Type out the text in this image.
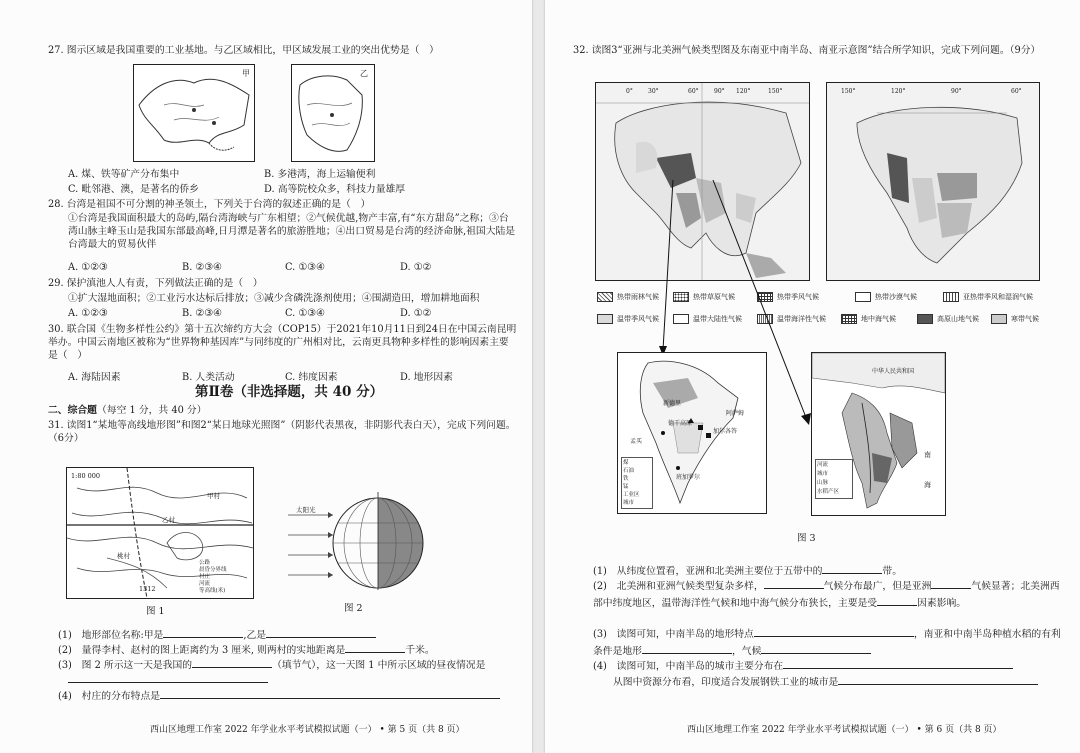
27. 图示区域是我国重要的工业基地。与乙区域相比，甲区域发展工业的突出优势是（　）
甲	乙
A. 煤、铁等矿产分布集中	B. 多港湾，海上运输便利
C. 毗邻港、澳，是著名的侨乡	D. 高等院校众多，科技力量雄厚
28. 台湾是祖国不可分割的神圣领土，下列关于台湾的叙述正确的是（　）
①台湾是我国面积最大的岛屿,隔台湾海峡与广东相望；②气候优越,物产丰富,有“东方甜岛”之称；③台湾山脉主峰玉山是我国东部最高峰,日月潭是著名的旅游胜地；④出口贸易是台湾的经济命脉,祖国大陆是台湾最大的贸易伙伴
A. ①②③	B. ②③④	C. ①③④	D. ①②
29. 保护滇池人人有责，下列做法正确的是（　）
①扩大湿地面积；②工业污水达标后排放；③减少含磷洗涤剂使用；④围湖造田，增加耕地面积
A. ①②③	B. ②③④	C. ①③④	D. ①②
30. 联合国《生物多样性公约》第十五次缔约方大会（COP15）于2021年10月11日到24日在中国云南昆明举办。中国云南地区被称为“世界物种基因库”与同纬度的广州相对比，云南更具物种多样性的影响因素主要是（　）
A. 海陆因素	B. 人类活动	C. 纬度因素	D. 地形因素
第Ⅱ卷（非选择题，共 40 分）
二、综合题（每空 1 分，共 40 分）
31. 读图1“某地等高线地形图”和图2“某日地球光照图”（阴影代表黑夜，非阴影代表白天），完成下列问题。（6分）
1:80 000
甲村
乙村
桃村
1312
公路
晨昏分界线
村庄
河流
等高线(米)
图 1
太阳光
图 2
(1)　地形部位名称:甲是	,乙是
(2)　量得李村、赵村的图上距离约为 3 厘米, 则两村的实地距离是	千米。
(3)　图 2 所示这一天是我国的	（填节气），这一天图 1 中所示区域的昼夜情况是
(4)　村庄的分布特点是
西山区地理工作室 2022 年学业水平考试模拟试题（一） • 第 5 页（共 8 页）
32. 读图3“亚洲与北美洲气候类型图及东南亚中南半岛、南亚示意图”结合所学知识，完成下列问题。（9分）
0°	30°	60°	90° 120°	150°	150°	120°	90°	60°
热带雨林气候	热带草原气候	热带季风气候	热带沙漠气候	亚热带季风和湿润气候
温带季风气候	温带大陆性气候	温带海洋性气候	地中海气候	高原山地气候	寒带气候
新德里
孟买
加尔各答
班加罗尔
阿萨姆
德干高原
煤
石油
铁
锰
工业区
城市
中华人民共和国
南
海
河流
城市
山脉
水稻产区
图 3
(1)　从纬度位置看，亚洲和北美洲主要位于五带中的	带。
(2)　北美洲和亚洲气候类型复杂多样，	气候分布最广，但是亚洲	气候显著；北美洲西部中纬度地区，温带海洋性气候和地中海气候分布狭长，主要是受	因素影响。
(3)　读图可知，中南半岛的地形特点	，南亚和中南半岛种植水稻的有利条件是地形	，气候
(4)　读图可知，中南半岛的城市主要分布在
从图中资源分布看，印度适合发展钢铁工业的城市是
西山区地理工作室 2022 年学业水平考试模拟试题（一） • 第 6 页（共 8 页）
